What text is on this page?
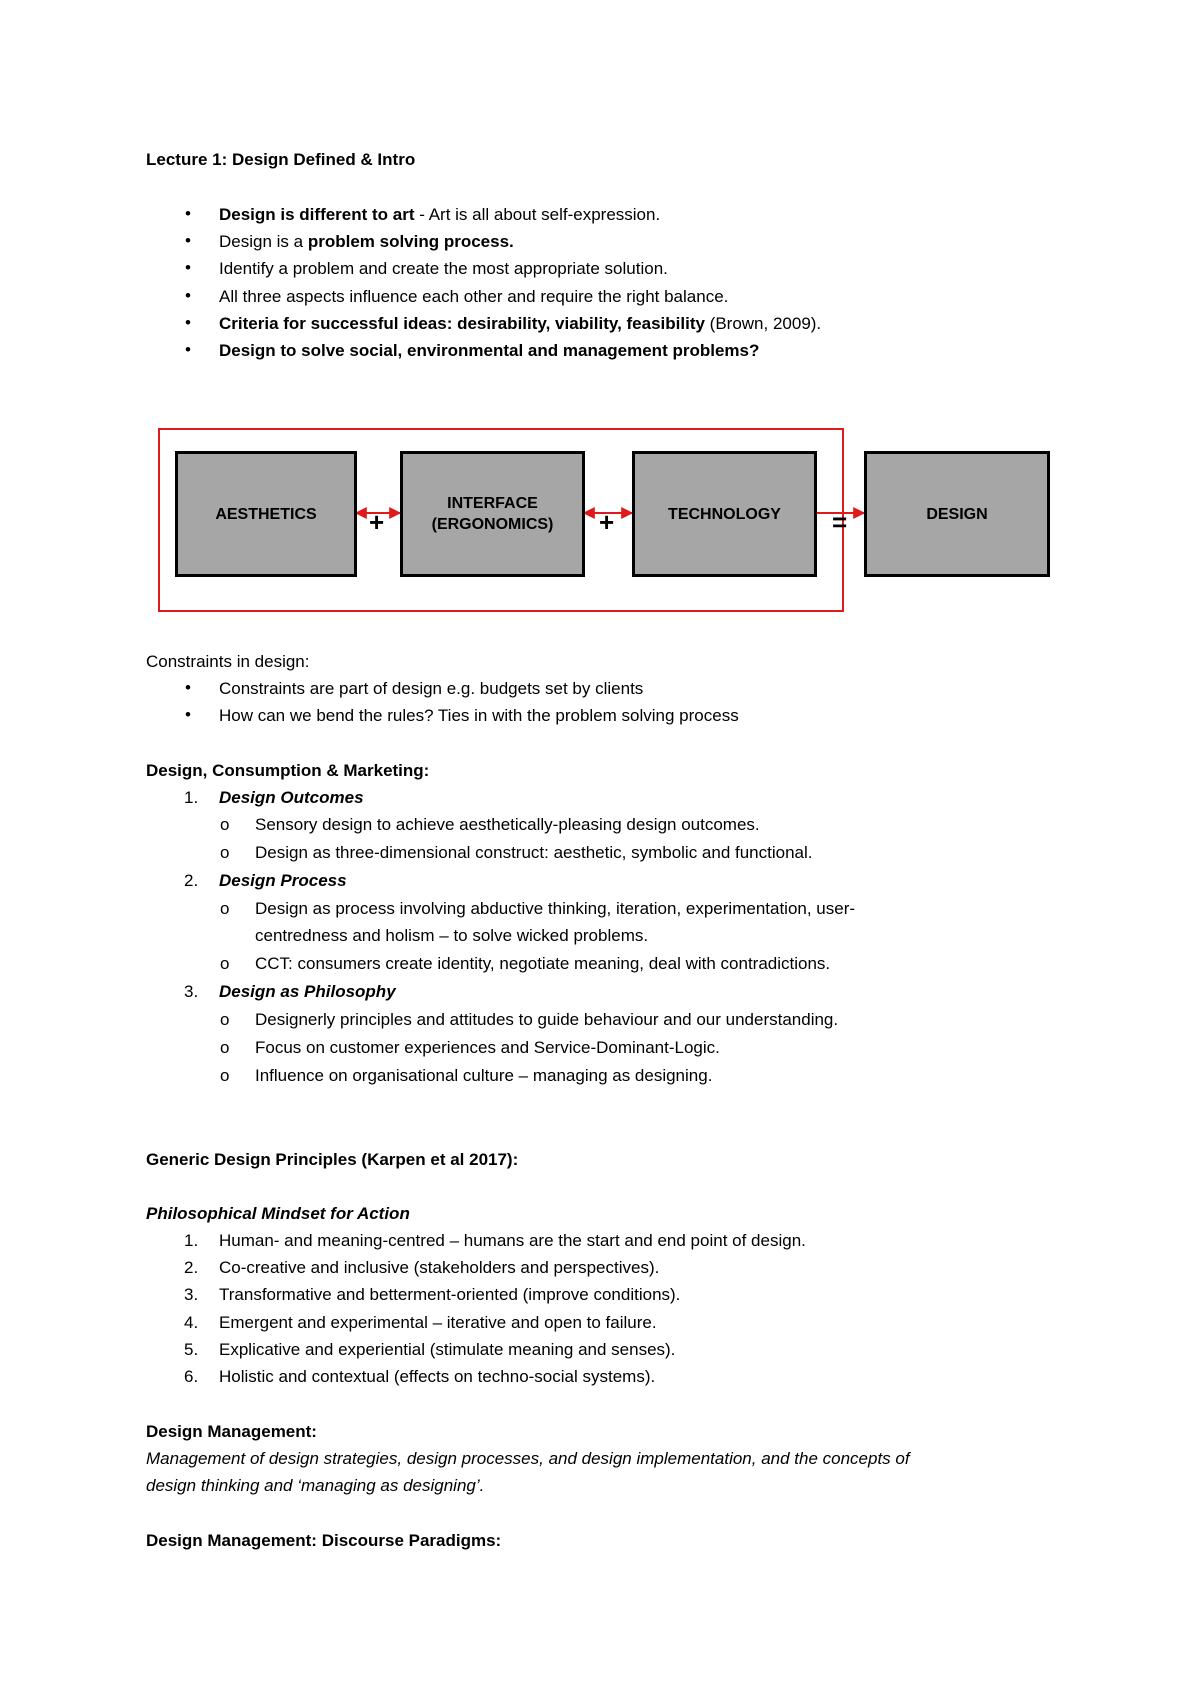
Lecture 1: Design Defined & Intro
•	Design is different to art - Art is all about self-expression.
•	Design is a problem solving process.
•	Identify a problem and create the most appropriate solution.
•	All three aspects influence each other and require the right balance.
•	Criteria for successful ideas: desirability, viability, feasibility (Brown, 2009).
•	Design to solve social, environmental and management problems?
AESTHETICS
INTERFACE (ERGONOMICS)
TECHNOLOGY	DESIGN
+	+	=
Constraints in design:
•	Constraints are part of design e.g. budgets set by clients
•	How can we bend the rules? Ties in with the problem solving process
Design, Consumption & Marketing:
1. Design Outcomes
o Sensory design to achieve aesthetically-pleasing design outcomes.
o Design as three-dimensional construct: aesthetic, symbolic and functional.
2. Design Process
o Design as process involving abductive thinking, iteration, experimentation, user-
centredness and holism – to solve wicked problems.
o CCT: consumers create identity, negotiate meaning, deal with contradictions.
3. Design as Philosophy
o Designerly principles and attitudes to guide behaviour and our understanding.
o Focus on customer experiences and Service-Dominant-Logic.
o Influence on organisational culture – managing as designing.
Generic Design Principles (Karpen et al 2017):
Philosophical Mindset for Action
1. Human- and meaning-centred – humans are the start and end point of design.
2. Co-creative and inclusive (stakeholders and perspectives).
3. Transformative and betterment-oriented (improve conditions).
4. Emergent and experimental – iterative and open to failure.
5. Explicative and experiential (stimulate meaning and senses).
6. Holistic and contextual (effects on techno-social systems).
Design Management:
Management of design strategies, design processes, and design implementation, and the concepts of
design thinking and ‘managing as designing’.
Design Management: Discourse Paradigms:
